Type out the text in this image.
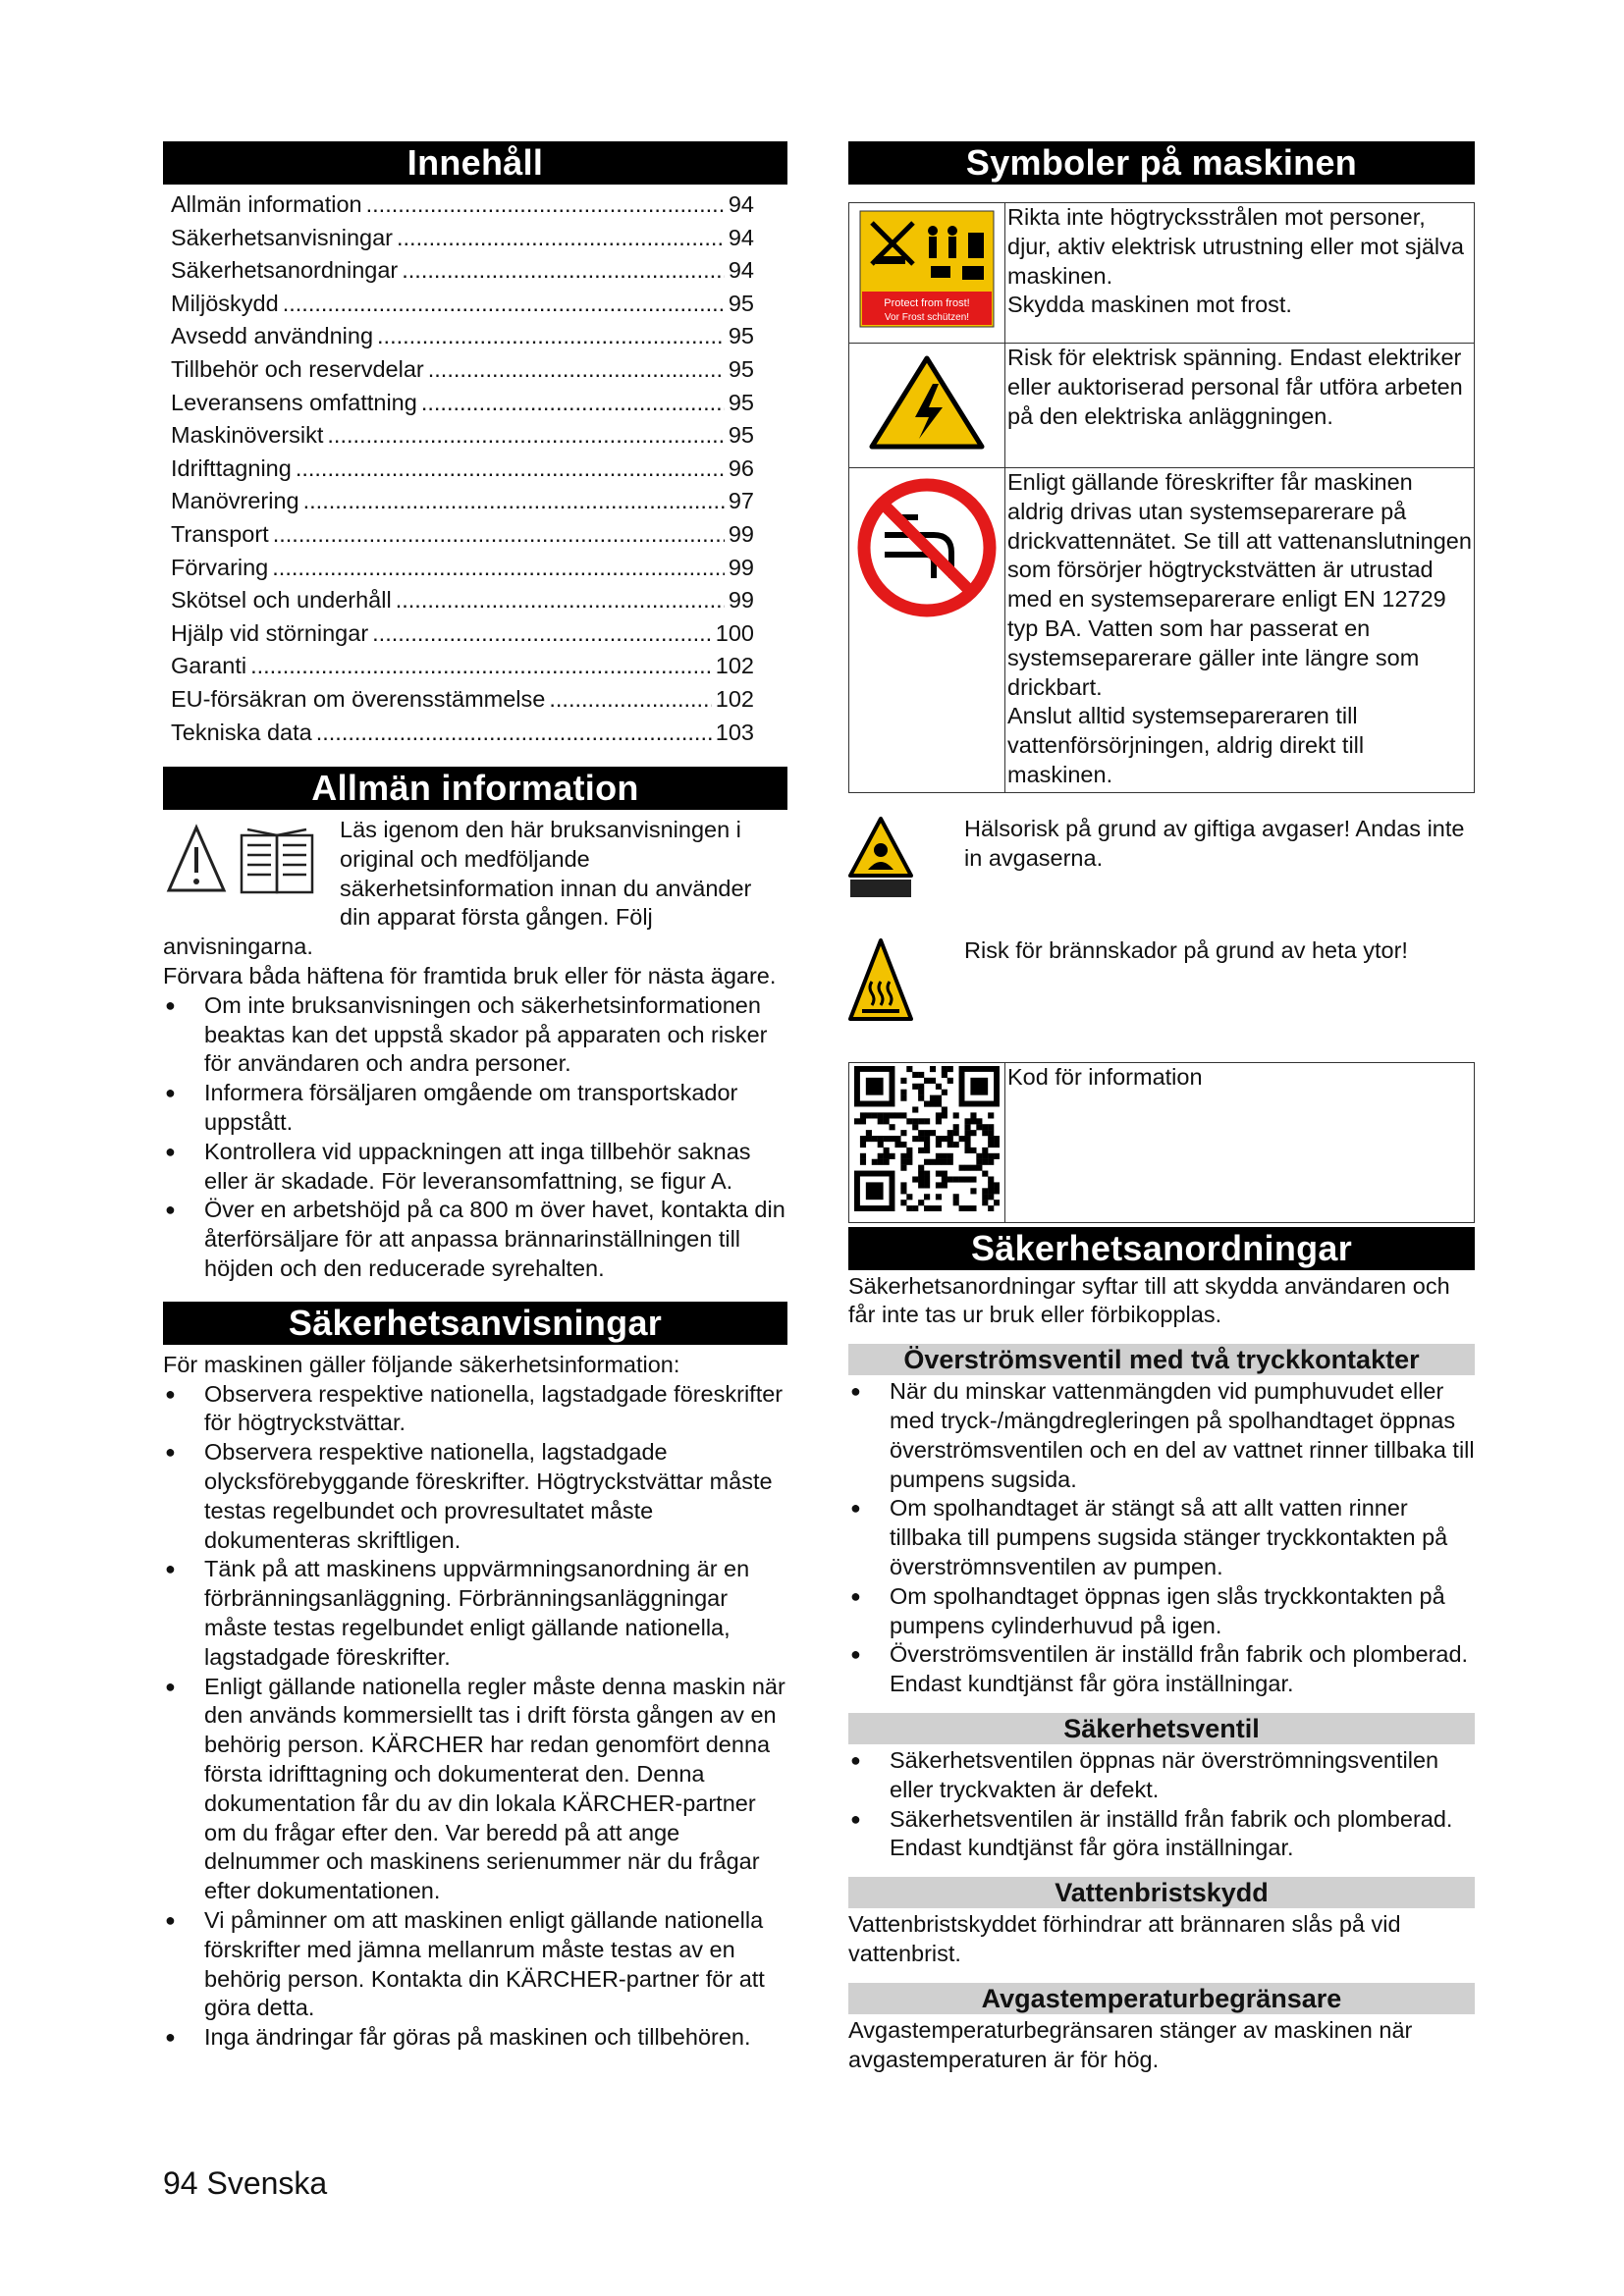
Innehåll
Allmän information .....	94
Säkerhetsanvisningar .....	94
Säkerhetsanordningar .....	94
Miljöskydd .....	95
Avsedd användning .....	95
Tillbehör och reservdelar .....	95
Leveransens omfattning .....	95
Maskinöversikt .....	95
Idrifttagning .....	96
Manövrering .....	97
Transport .....	99
Förvaring .....	99
Skötsel och underhåll .....	99
Hjälp vid störningar .....	100
Garanti .....	102
EU-försäkran om överensstämmelse .....	102
Tekniska data .....	103
Allmän information

Läs igenom den här bruksanvisningen i original och medföljande säkerhetsinformation innan du använder din apparat första gången. Följ anvisningarna.

Förvara båda häftena för framtida bruk eller för nästa ägare.

● Om inte bruksanvisningen och säkerhetsinformationen beaktas kan det uppstå skador på apparaten och risker för användaren och andra personer.
● Informera försäljaren omgående om transportskador uppstått.
● Kontrollera vid uppackningen att inga tillbehör saknas eller är skadade. För leveransomfattning, se figur A.
● Över en arbetshöjd på ca 800 m över havet, kontakta din återförsäljare för att anpassa brännarinställningen till höjden och den reducerade syrehalten.
Säkerhetsanvisningar

För maskinen gäller följande säkerhetsinformation:

● Observera respektive nationella, lagstadgade föreskrifter för högtryckstvättar.
● Observera respektive nationella, lagstadgade olycksförebyggande föreskrifter. Högtryckstvättar måste testas regelbundet och provresultatet måste dokumenteras skriftligen.
● Tänk på att maskinens uppvärmningsanordning är en förbränningsanläggning. Förbränningsanläggningar måste testas regelbundet enligt gällande nationella, lagstadgade föreskrifter.
● Enligt gällande nationella regler måste denna maskin när den används kommersiellt tas i drift första gången av en behörig person. KÄRCHER har redan genomfört denna första idrifttagning och dokumenterat den. Denna dokumentation får du av din lokala KÄRCHER-partner om du frågar efter den. Var beredd på att ange delnummer och maskinens serienummer när du frågar efter dokumentationen.
● Vi påminner om att maskinen enligt gällande nationella förskrifter med jämna mellanrum måste testas av en behörig person. Kontakta din KÄRCHER-partner för att göra detta.
● Inga ändringar får göras på maskinen och tillbehören.
Symboler på maskinen
Protect from frost!
Vor Frost schützen!	Rikta inte högtrycksstrålen mot personer, djur, aktiv elektrisk utrustning eller mot själva maskinen.
Skydda maskinen mot frost.

Risk för elektrisk spänning. Endast elektriker eller auktoriserad personal får utföra arbeten på den elektriska anläggningen.

Enligt gällande föreskrifter får maskinen aldrig drivas utan systemseparerare på drickvattennätet. Se till att vattenanslutningen som försörjer högtryckstvätten är utrustad med en systemseparerare enligt EN 12729 typ BA. Vatten som har passerat en systemseparerare gäller inte längre som drickbart.
Anslut alltid systemsepareraren till vattenförsörjningen, aldrig direkt till maskinen.

Hälsorisk på grund av giftiga avgaser! Andas inte in avgaserna.

Risk för brännskador på grund av heta ytor!

Kod för information

Säkerhetsanordningar

Säkerhetsanordningar syftar till att skydda användaren och får inte tas ur bruk eller förbikopplas.

Överströmsventil med två tryckkontakter
● När du minskar vattenmängden vid pumphuvudet eller med tryck-/mängdregleringen på spolhandtaget öppnas överströmsventilen och en del av vattnet rinner tillbaka till pumpens sugsida.
● Om spolhandtaget är stängt så att allt vatten rinner tillbaka till pumpens sugsida stänger tryckkontakten på överströmnsventilen av pumpen.
● Om spolhandtaget öppnas igen slås tryckkontakten på pumpens cylinderhuvud på igen.
● Överströmsventilen är inställd från fabrik och plomberad. Endast kundtjänst får göra inställningar.
Säkerhetsventil
● Säkerhetsventilen öppnas när överströmningsventilen eller tryckvakten är defekt.
● Säkerhetsventilen är inställd från fabrik och plomberad. Endast kundtjänst får göra inställningar.
Vattenbristskydd

Vattenbristskyddet förhindrar att brännaren slås på vid vattenbrist.

Avgastemperaturbegränsare

Avgastemperaturbegränsaren stänger av maskinen när avgastemperaturen är för hög.

94 Svenska
